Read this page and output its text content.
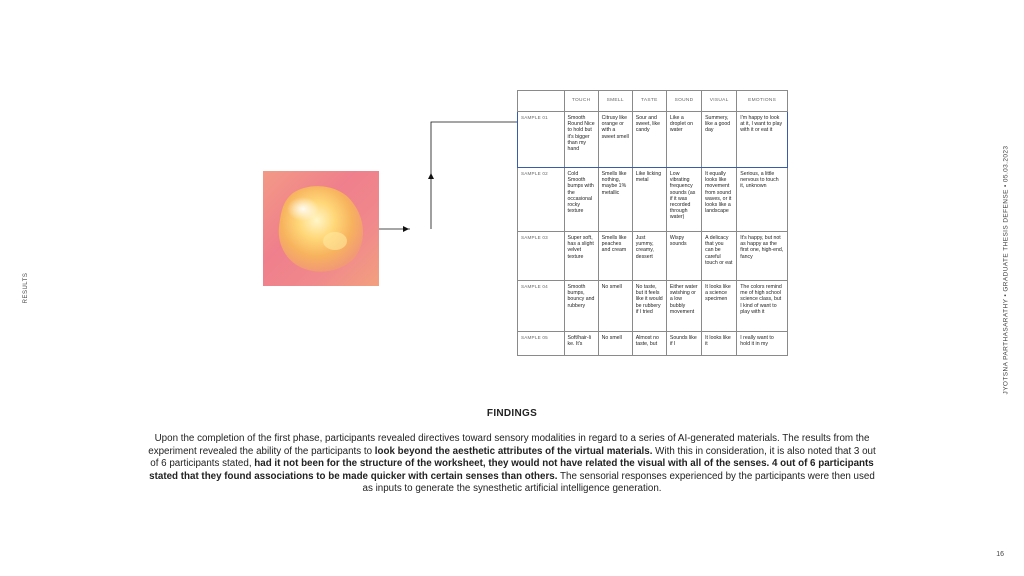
RESULTS	JYOTSNA PARTHASARATHY • GRADUATE THESIS DEFENSE • 05.03.2023
16
	TOUCH	SMELL	TASTE	SOUND	VISUAL	EMOTIONS
SAMPLE 01	Smooth Round Nice to hold but it's bigger than my hand	Citrusy like orange or with a sweet smell	Sour and sweet, like candy	Like a droplet on water	Summery, like a good day	I'm happy to look at it, I want to play with it or eat it
SAMPLE 02	Cold Smooth bumps with the occasional rocky texture	Smells like nothing, maybe 1% metallic	Like licking metal	Low vibrating frequency sounds (as if it was recorded through water)	It equally looks like movement from sound waves, or it looks like a landscape	Serious, a little nervous to touch it, unknown
SAMPLE 03	Super soft, has a slight velvet texture	Smells like peaches and cream	Just yummy, creamy, dessert	Wispy sounds	A delicacy that you can be careful touch or eat	It's happy, but not as happy as the first one, high-end, fancy
SAMPLE 04	Smooth bumps, bouncy and rubbery	No smell	No taste, but it feels like it would be rubbery if I tried	Either water swishing or a low bubbly movement	It looks like a science specimen	The colors remind me of high school science class, but I kind of want to play with it
SAMPLE 05	Soft/hair-li ke. It's	No smell	Almost no taste, but	Sounds like if I	It looks like it	I really want to hold it in my
FINDINGS
Upon the completion of the first phase, participants revealed directives toward sensory modalities in regard to a series of AI-generated materials. The results from the experiment revealed the ability of the participants to look beyond the aesthetic attributes of the virtual materials. With this in consideration, it is also noted that 3 out of 6 participants stated, had it not been for the structure of the worksheet, they would not have related the visual with all of the senses. 4 out of 6 participants stated that they found associations to be made quicker with certain senses than others. The sensorial responses experienced by the participants were then used as inputs to generate the synesthetic artificial intelligence generation.
